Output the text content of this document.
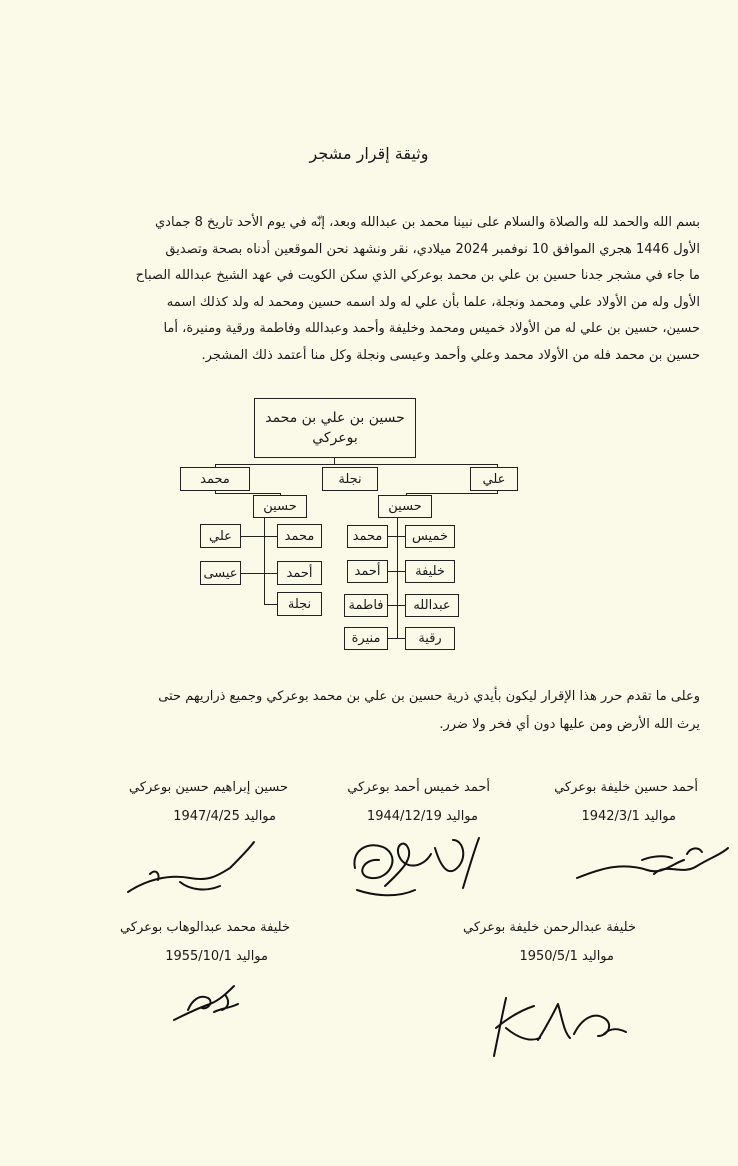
وثيقة إقرار مشجر

بسم الله والحمد لله والصلاة والسلام على نبينا محمد بن عبدالله وبعد، إنّه في يوم الأحد تاريخ 8 جمادي

الأول 1446 هجري الموافق 10 نوفمبر 2024 ميلادي، نقر ونشهد نحن الموقعين أدناه بصحة وتصديق

ما جاء في مشجر جدنا حسين بن علي بن محمد بوعركي الذي سكن الكويت في عهد الشيخ عبدالله الصباح

الأول وله من الأولاد علي ومحمد ونجلة، علما بأن علي له ولد اسمه حسين ومحمد له ولد كذلك اسمه

حسين، حسين بن علي له من الأولاد خميس ومحمد وخليفة وأحمد وعبدالله وفاطمة ورقية ومنيرة، أما

حسين بن محمد فله من الأولاد محمد وعلي وأحمد وعيسى ونجلة وكل منا أعتمد ذلك المشجر.

حسين بن علي بن محمد
بوعركي
محمد	نجلة	علي
حسين	حسين
محمد
أحمد
نجلة
علي
عيسى
خميس
خليفة
عبدالله
رقية
محمد
أحمد
فاطمة
منيرة
وعلى ما تقدم حرر هذا الإقرار ليكون بأيدي ذرية حسين بن علي بن محمد بوعركي وجميع ذراريهم حتى
يرث الله الأرض ومن عليها دون أي فخر ولا ضرر.
أحمد حسين خليفة بوعركي
مواليد 1942/3/1
أحمد خميس أحمد بوعركي
مواليد 1944/12/19
حسين إبراهيم حسين بوعركي
مواليد 1947/4/25
خليفة عبدالرحمن خليفة بوعركي
مواليد 1950/5/1
خليفة محمد عبدالوهاب بوعركي
مواليد 1955/10/1
